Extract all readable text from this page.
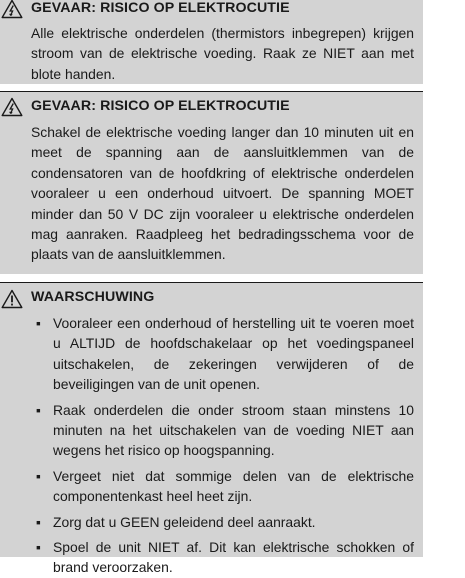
GEVAAR: RISICO OP ELEKTROCUTIE
Alle elektrische onderdelen (thermistors inbegrepen) krijgen stroom van de elektrische voeding. Raak ze NIET aan met blote handen.
GEVAAR: RISICO OP ELEKTROCUTIE
Schakel de elektrische voeding langer dan 10 minuten uit en meet de spanning aan de aansluitklemmen van de condensatoren van de hoofdkring of elektrische onderdelen vooraleer u een onderhoud uitvoert. De spanning MOET minder dan 50 V DC zijn vooraleer u elektrische onderdelen mag aanraken. Raadpleeg het bedradingsschema voor de plaats van de aansluitklemmen.
WAARSCHUWING
▪ Vooraleer een onderhoud of herstelling uit te voeren moet u ALTIJD de hoofdschakelaar op het voedingspaneel uitschakelen, de zekeringen verwijderen of de beveiligingen van de unit openen.
▪ Raak onderdelen die onder stroom staan minstens 10 minuten na het uitschakelen van de voeding NIET aan wegens het risico op hoogspanning.
▪ Vergeet niet dat sommige delen van de elektrische componentenkast heel heet zijn.
▪ Zorg dat u GEEN geleidend deel aanraakt.
▪ Spoel de unit NIET af. Dit kan elektrische schokken of brand veroorzaken.
